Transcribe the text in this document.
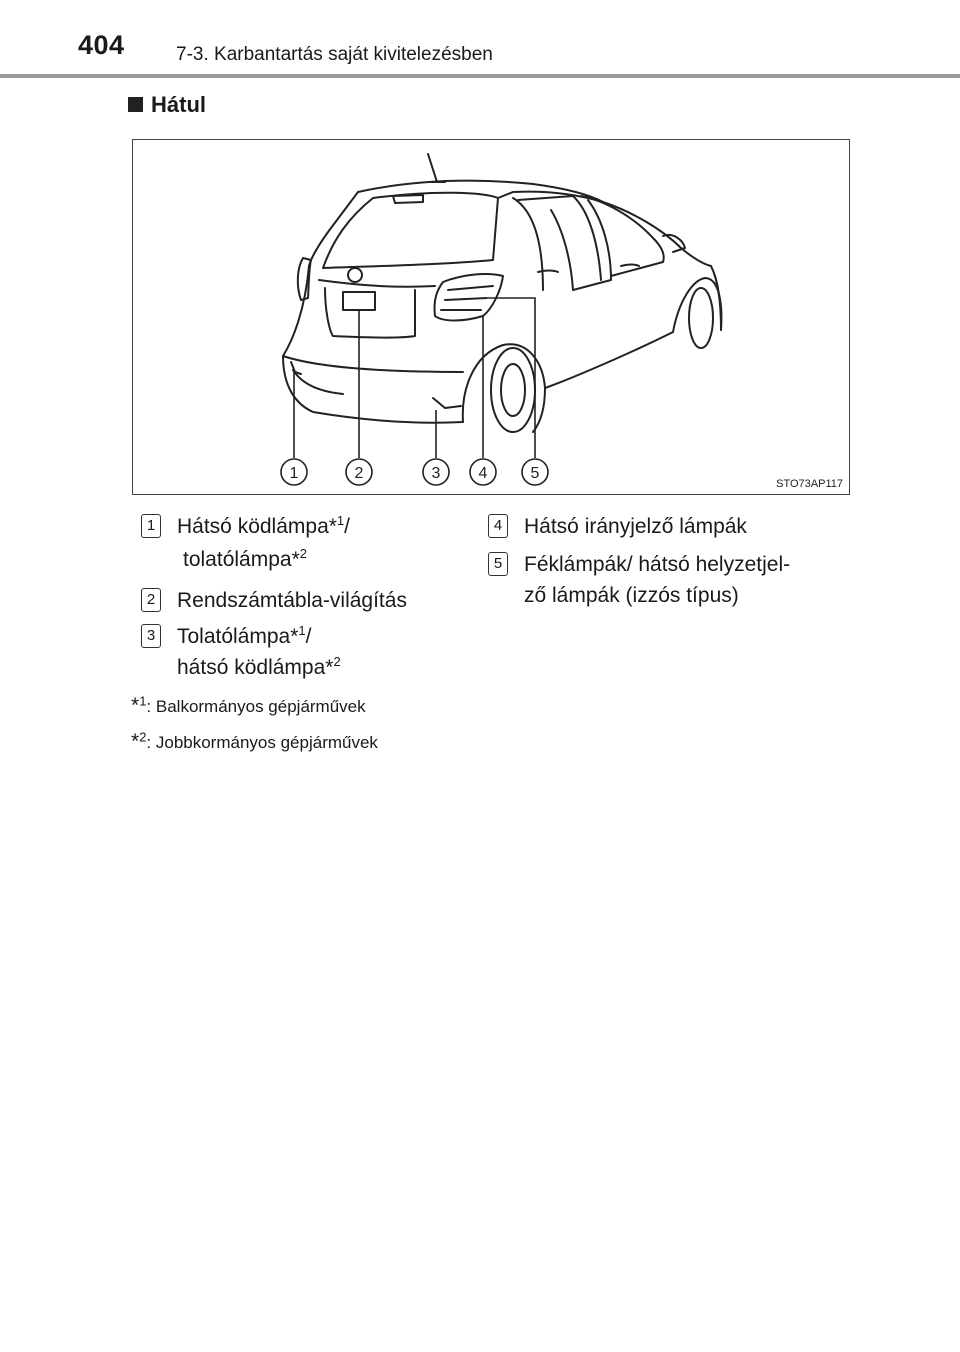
404	7-3. Karbantartás saját kivitelezésben
Hátul
1	2	3 4	5
STO73AP117
1 Hátsó ködlámpa*$^1$/
tolatólámpa*$^2$
2 Rendszámtábla-világítás
3 Tolatólámpa*$^1$/
hátsó ködlámpa*$^2$
4 Hátsó irányjelző lámpák
5 Féklámpák/ hátsó helyzetjel-
ző lámpák (izzós típus)
*$^1$: Balkormányos gépjárművek
*$^2$: Jobbkormányos gépjárművek
